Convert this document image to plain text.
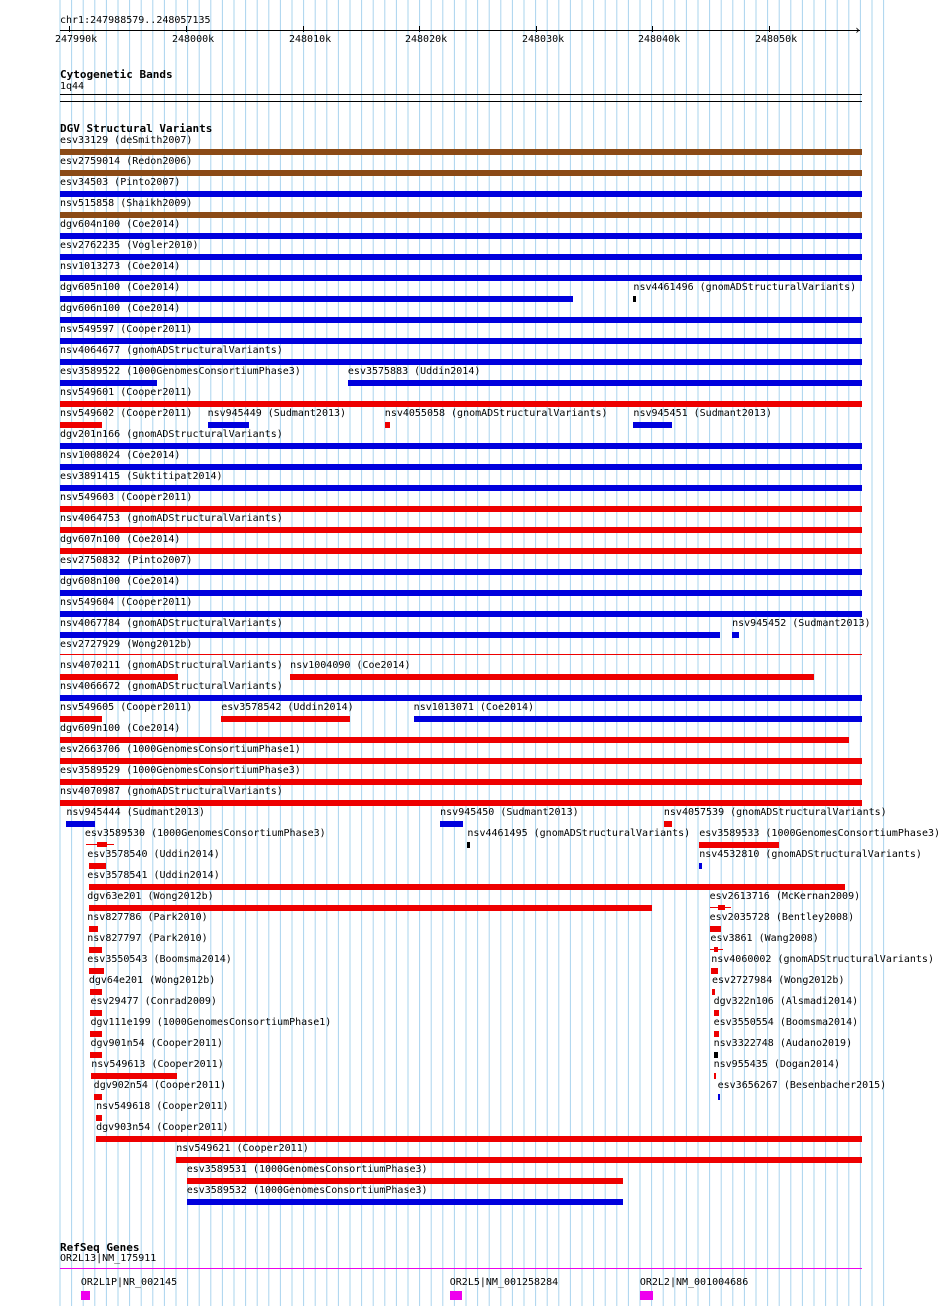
chr1:247988579..248057135
›
247990k	248000k	248010k	248020k	248030k	248040k	248050k
Cytogenetic Bands
1q44
DGV Structural Variants
esv33129 (deSmith2007)
esv2759014 (Redon2006)
esv34503 (Pinto2007)
nsv515858 (Shaikh2009)
dgv604n100 (Coe2014)
esv2762235 (Vogler2010)
nsv1013273 (Coe2014)
dgv605n100 (Coe2014)	nsv4461496 (gnomADStructuralVariants)
dgv606n100 (Coe2014)
nsv549597 (Cooper2011)
nsv4064677 (gnomADStructuralVariants)
esv3589522 (1000GenomesConsortiumPhase3)	esv3575883 (Uddin2014)
nsv549601 (Cooper2011)
nsv549602 (Cooper2011) nsv945449 (Sudmant2013)	nsv4055058 (gnomADStructuralVariants)	nsv945451 (Sudmant2013)
dgv201n166 (gnomADStructuralVariants)
nsv1008024 (Coe2014)
esv3891415 (Suktitipat2014)
nsv549603 (Cooper2011)
nsv4064753 (gnomADStructuralVariants)
dgv607n100 (Coe2014)
esv2750832 (Pinto2007)
dgv608n100 (Coe2014)
nsv549604 (Cooper2011)
nsv4067784 (gnomADStructuralVariants)	nsv945452 (Sudmant2013)
esv2727929 (Wong2012b)
nsv4070211 (gnomADStructuralVariants) nsv1004090 (Coe2014)
nsv4066672 (gnomADStructuralVariants)
nsv549605 (Cooper2011)	esv3578542 (Uddin2014)	nsv1013071 (Coe2014)
dgv609n100 (Coe2014)
esv2663706 (1000GenomesConsortiumPhase1)
esv3589529 (1000GenomesConsortiumPhase3)
nsv4070987 (gnomADStructuralVariants)
nsv945444 (Sudmant2013)	nsv945450 (Sudmant2013)	nsv4057539 (gnomADStructuralVariants)
esv3589530 (1000GenomesConsortiumPhase3)	nsv4461495 (gnomADStructuralVariants) esv3589533 (1000GenomesConsortiumPhase3)
esv3578540 (Uddin2014)	nsv4532810 (gnomADStructuralVariants)
esv3578541 (Uddin2014)
dgv63e201 (Wong2012b)	esv2613716 (McKernan2009)
nsv827786 (Park2010)	esv2035728 (Bentley2008)
nsv827797 (Park2010)	esv3861 (Wang2008)
esv3550543 (Boomsma2014)	nsv4060002 (gnomADStructuralVariants)
dgv64e201 (Wong2012b)	esv2727984 (Wong2012b)
esv29477 (Conrad2009)	dgv322n106 (Alsmadi2014)
dgv111e199 (1000GenomesConsortiumPhase1)	esv3550554 (Boomsma2014)
dgv901n54 (Cooper2011)	nsv3322748 (Audano2019)
nsv549613 (Cooper2011)	nsv955435 (Dogan2014)
dgv902n54 (Cooper2011)	esv3656267 (Besenbacher2015)
nsv549618 (Cooper2011)
dgv903n54 (Cooper2011)
nsv549621 (Cooper2011)
esv3589531 (1000GenomesConsortiumPhase3)
esv3589532 (1000GenomesConsortiumPhase3)
RefSeq Genes
OR2L13|NM_175911
OR2L1P|NR_002145	OR2L5|NM_001258284	OR2L2|NM_001004686
